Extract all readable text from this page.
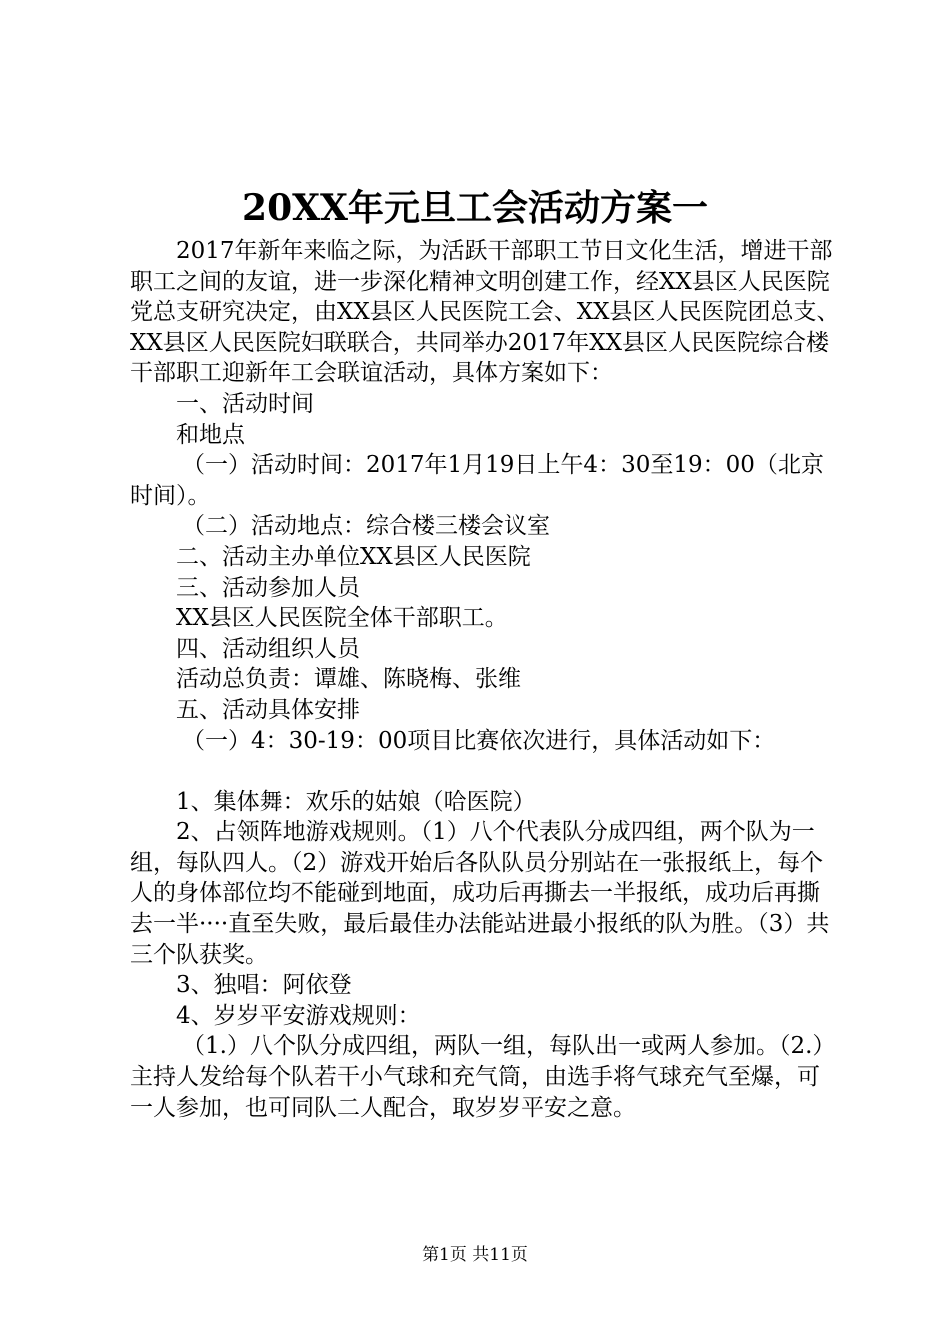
20XX年元旦工会活动方案一

2017年新年来临之际，为活跃干部职工节日文化生活，增进干部职工之间的友谊，进一步深化精神文明创建工作，经XX县区人民医院党总支研究决定，由XX县区人民医院工会、XX县区人民医院团总支、XX县区人民医院妇联联合，共同举办2017年XX县区人民医院综合楼干部职工迎新年工会联谊活动，具体方案如下：

一、活动时间

和地点

（一）活动时间：2017年1月19日上午4：30至19：00（北京时间）。

（二）活动地点：综合楼三楼会议室

二、活动主办单位XX县区人民医院

三、活动参加人员

XX县区人民医院全体干部职工。

四、活动组织人员

活动总负责：谭雄、陈晓梅、张维

五、活动具体安排

（一）4：30-19：00项目比赛依次进行，具体活动如下：

1、集体舞：欢乐的姑娘（哈医院）

2、占领阵地游戏规则。（1）八个代表队分成四组，两个队为一组，每队四人。（2）游戏开始后各队队员分别站在一张报纸上，每个人的身体部位均不能碰到地面，成功后再撕去一半报纸，成功后再撕去一半····直至失败，最后最佳办法能站进最小报纸的队为胜。（3）共三个队获奖。

3、独唱：阿依登

4、岁岁平安游戏规则：

（1.）八个队分成四组，两队一组，每队出一或两人参加。（2.）主持人发给每个队若干小气球和充气筒，由选手将气球充气至爆，可一人参加，也可同队二人配合，取岁岁平安之意。

第1页 共11页
